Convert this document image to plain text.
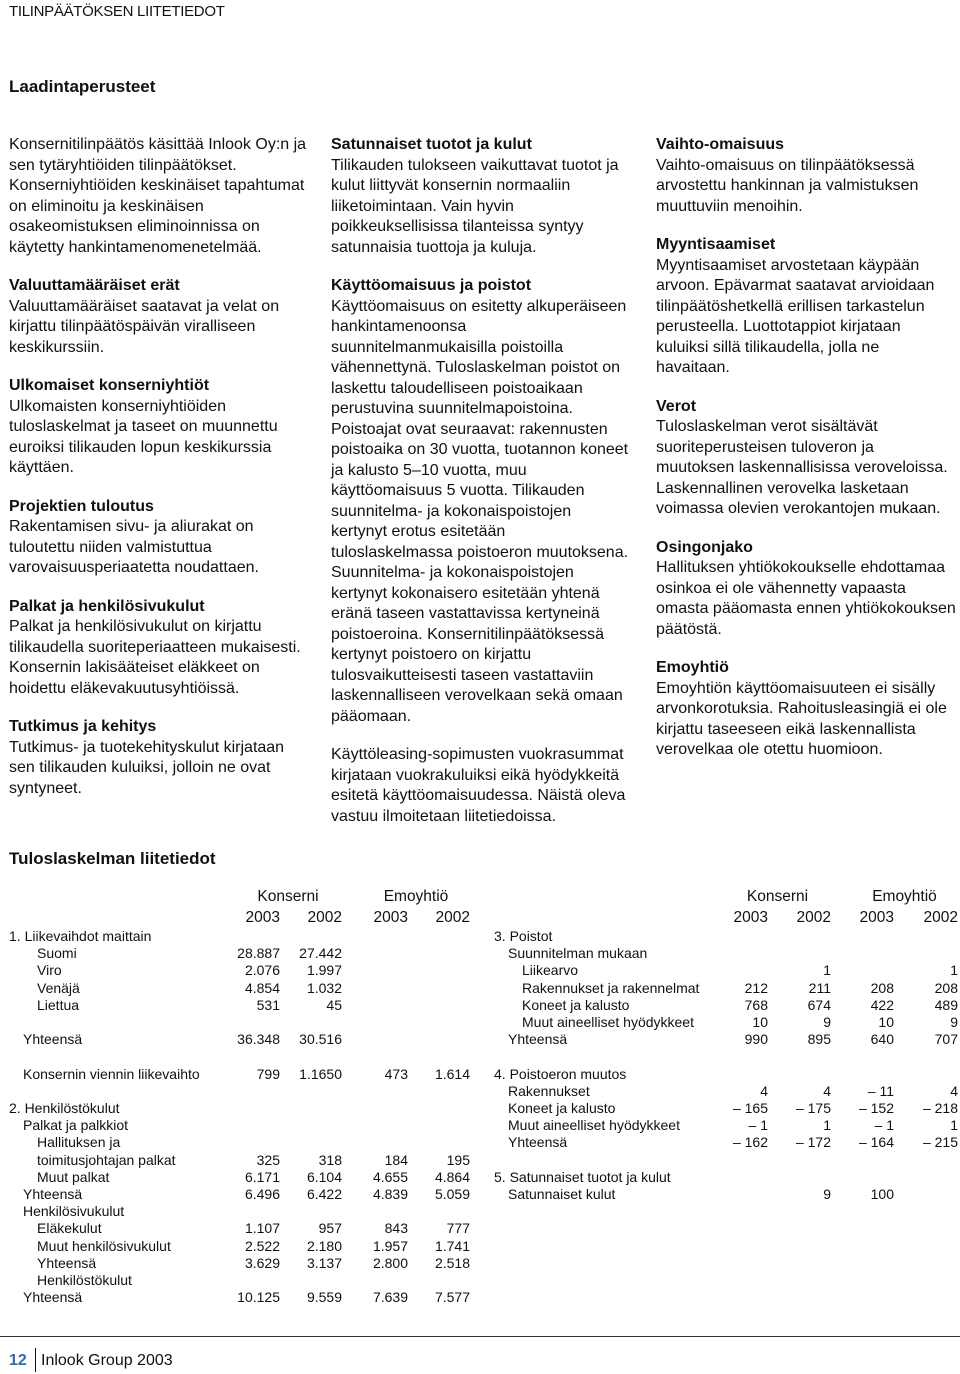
TILINPÄÄTÖKSEN LIITETIEDOT
Laadintaperusteet

Konsernitilinpäätös käsittää Inlook Oy:n ja sen tytäryhtiöiden tilinpäätökset. Konserniyhtiöiden keskinäiset tapahtumat on eliminoitu ja keskinäisen osakeomistuksen eliminoinnissa on käytetty hankintamenomenetelmää.

Valuuttamääräiset erät

Valuuttamääräiset saatavat ja velat on kirjattu tilinpäätöspäivän viralliseen keskikurssiin.

Ulkomaiset konserniyhtiöt

Ulkomaisten konserniyhtiöiden tuloslaskelmat ja taseet on muunnettu euroiksi tilikauden lopun keskikurssia käyttäen.

Projektien tuloutus

Rakentamisen sivu- ja aliurakat on tuloutettu niiden valmistuttua varovaisuusperiaatetta noudattaen.

Palkat ja henkilösivukulut

Palkat ja henkilösivukulut on kirjattu tilikaudella suoriteperiaatteen mukaisesti. Konsernin lakisääteiset eläkkeet on hoidettu eläkevakuutusyhtiöissä.

Tutkimus ja kehitys

Tutkimus- ja tuotekehityskulut kirjataan sen tilikauden kuluiksi, jolloin ne ovat syntyneet.

Satunnaiset tuotot ja kulut

Tilikauden tulokseen vaikuttavat tuotot ja kulut liittyvät konsernin normaaliin liiketoimintaan. Vain hyvin poikkeuksellisissa tilanteissa syntyy satunnaisia tuottoja ja kuluja.

Käyttöomaisuus ja poistot

Käyttöomaisuus on esitetty alkuperäiseen hankintamenoonsa suunnitelmanmukaisilla poistoilla vähennettynä. Tuloslaskelman poistot on laskettu taloudelliseen poistoaikaan perustuvina suunnitelmapoistoina. Poistoajat ovat seuraavat: rakennusten poistoaika on 30 vuotta, tuotannon koneet ja kalusto 5–10 vuotta, muu käyttöomaisuus 5 vuotta. Tilikauden suunnitelma- ja kokonaispoistojen kertynyt erotus esitetään tuloslaskelmassa poistoeron muutoksena. Suunnitelma- ja kokonaispoistojen kertynyt kokonaisero esitetään yhtenä eränä taseen vastattavissa kertyneinä poistoeroina. Konsernitilinpäätöksessä kertynyt poistoero on kirjattu tulosvaikutteisesti taseen vastattaviin laskennalliseen verovelkaan sekä omaan pääomaan.

Käyttöleasing-sopimusten vuokrasummat kirjataan vuokrakuluiksi eikä hyödykkeitä esitetä käyttöomaisuudessa. Näistä oleva vastuu ilmoitetaan liitetiedoissa.

Vaihto-omaisuus

Vaihto-omaisuus on tilinpäätöksessä arvostettu hankinnan ja valmistuksen muuttuviin menoihin.

Myyntisaamiset

Myyntisaamiset arvostetaan käypään arvoon. Epävarmat saatavat arvioidaan tilinpäätöshetkellä erillisen tarkastelun perusteella. Luottotappiot kirjataan kuluiksi sillä tilikaudella, jolla ne havaitaan.

Verot

Tuloslaskelman verot sisältävät suoriteperusteisen tuloveron ja muutoksen laskennallisissa veroveloissa. Laskennallinen verovelka lasketaan voimassa olevien verokantojen mukaan.

Osingonjako

Hallituksen yhtiökokoukselle ehdottamaa osinkoa ei ole vähennetty vapaasta omasta pääomasta ennen yhtiökokouksen päätöstä.

Emoyhtiö

Emoyhtiön käyttöomaisuuteen ei sisälly arvonkorotuksia. Rahoitusleasingiä ei ole kirjattu taseeseen eikä laskennallista verovelkaa ole otettu huomioon.

Tuloslaskelman liitetiedot
	Konserni		Emoyhtiö	
	2003	2002	2003	2002
1. Liikevaihdot maittain				
Suomi	28.887	27.442		
Viro	2.076	1.997		
Venäjä	4.854	1.032		
Liettua	531	45		

Yhteensä	36.348	30.516		

Konsernin viennin liikevaihto	799	1.1650	473	1.614

2. Henkilöstökulut				
Palkat ja palkkiot				
Hallituksen ja				
toimitusjohtajan palkat	325	318	184	195
Muut palkat	6.171	6.104	4.655	4.864
Yhteensä	6.496	6.422	4.839	5.059
Henkilösivukulut				
Eläkekulut	1.107	957	843	777
Muut henkilösivukulut	2.522	2.180	1.957	1.741
Yhteensä	3.629	3.137	2.800	2.518
Henkilöstökulut				
Yhteensä	10.125	9.559	7.639	7.577
	Konserni		Emoyhtiö	
	2003	2002	2003	2002
3. Poistot				
Suunnitelman mukaan				
Liikearvo		1		1
Rakennukset ja rakennelmat	212	211	208	208
Koneet ja kalusto	768	674	422	489
Muut aineelliset hyödykkeet	10	9	10	9
Yhteensä	990	895	640	707

4. Poistoeron muutos				
Rakennukset	4	4	– 11	4
Koneet ja kalusto	– 165	– 175	– 152	– 218
Muut aineelliset hyödykkeet	– 1	1	– 1	1
Yhteensä	– 162	– 172	– 164	– 215

5. Satunnaiset tuotot ja kulut				
Satunnaiset kulut		9	100	
12 Inlook Group 2003
